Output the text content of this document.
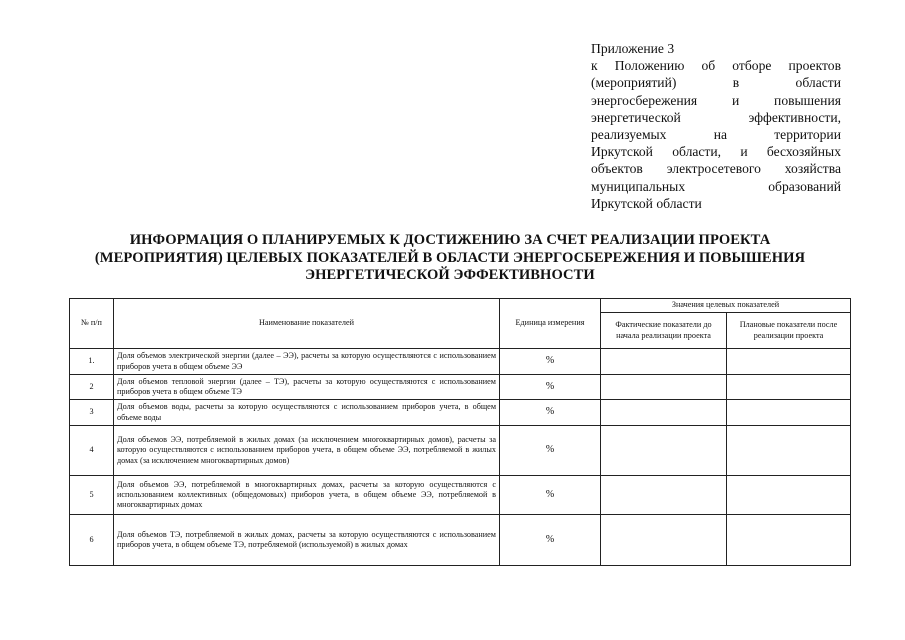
Приложение 3
к Положению об отборе проектов
(мероприятий) в области
энергосбережения и повышения
энергетической эффективности,
реализуемых на территории
Иркутской области, и бесхозяйных
объектов электросетевого хозяйства
муниципальных образований
Иркутской области
ИНФОРМАЦИЯ О ПЛАНИРУЕМЫХ К ДОСТИЖЕНИЮ ЗА СЧЕТ РЕАЛИЗАЦИИ ПРОЕКТА
(МЕРОПРИЯТИЯ) ЦЕЛЕВЫХ ПОКАЗАТЕЛЕЙ В ОБЛАСТИ ЭНЕРГОСБЕРЕЖЕНИЯ И ПОВЫШЕНИЯ
ЭНЕРГЕТИЧЕСКОЙ ЭФФЕКТИВНОСТИ
№ п/п	Наименование показателей	Единица измерения	Значения целевых показателей	
			Фактические показатели до начала реализации проекта	Плановые показатели после реализации проекта
1.	Доля объемов электрической энергии (далее – ЭЭ), расчеты за которую осуществляются с использованием приборов учета в общем объеме ЭЭ	%		
2	Доля объемов тепловой энергии (далее – ТЭ), расчеты за которую осуществляются с использованием приборов учета в общем объеме ТЭ	%		
3	Доля объемов воды, расчеты за которую осуществляются с использованием приборов учета, в общем объеме воды	%		
4	Доля объемов ЭЭ, потребляемой в жилых домах (за исключением многоквартирных домов), расчеты за которую осуществляются с использованием приборов учета, в общем объеме ЭЭ, потребляемой в жилых домах (за исключением многоквартирных домов)	%		
5	Доля объемов ЭЭ, потребляемой в многоквартирных домах, расчеты за которую осуществляются с использованием коллективных (общедомовых) приборов учета, в общем объеме ЭЭ, потребляемой в многоквартирных домах	%		
6	Доля объемов ТЭ, потребляемой в жилых домах, расчеты за которую осуществляются с использованием приборов учета, в общем объеме ТЭ, потребляемой (используемой) в жилых домах	%		
